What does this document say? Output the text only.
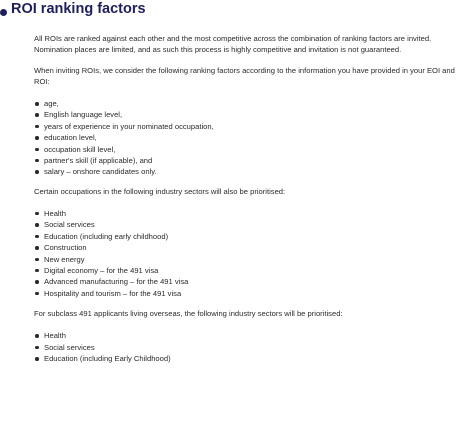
ROI ranking factors

All ROIs are ranked against each other and the most competitive across the combination of ranking factors are invited. Nomination places are limited, and as such this process is highly competitive and invitation is not guaranteed.

When inviting ROIs, we consider the following ranking factors according to the information you have provided in your EOI and ROI:

age,
English language level,
years of experience in your nominated occupation,
education level,
occupation skill level,
partner's skill (if applicable), and
salary – onshore candidates only.

Certain occupations in the following industry sectors will also be prioritised:

Health
Social services
Education (including early childhood)
Construction
New energy
Digital economy – for the 491 visa
Advanced manufacturing – for the 491 visa
Hospitality and tourism – for the 491 visa

For subclass 491 applicants living overseas, the following industry sectors will be prioritised:

Health
Social services
Education (including Early Childhood)
